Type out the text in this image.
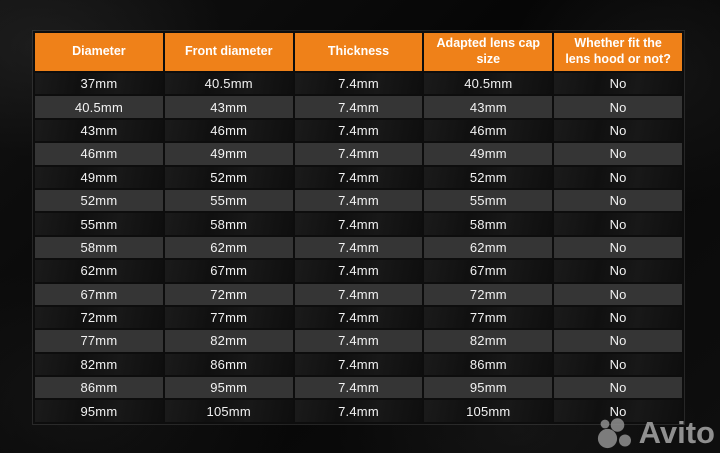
Diameter	Front diameter	Thickness	Adapted lens cap size	Whether fit the lens hood or not?
37mm	40.5mm	7.4mm	40.5mm	No
40.5mm	43mm	7.4mm	43mm	No
43mm	46mm	7.4mm	46mm	No
46mm	49mm	7.4mm	49mm	No
49mm	52mm	7.4mm	52mm	No
52mm	55mm	7.4mm	55mm	No
55mm	58mm	7.4mm	58mm	No
58mm	62mm	7.4mm	62mm	No
62mm	67mm	7.4mm	67mm	No
67mm	72mm	7.4mm	72mm	No
72mm	77mm	7.4mm	77mm	No
77mm	82mm	7.4mm	82mm	No
82mm	86mm	7.4mm	86mm	No
86mm	95mm	7.4mm	95mm	No
95mm	105mm	7.4mm	105mm	No
Avito
